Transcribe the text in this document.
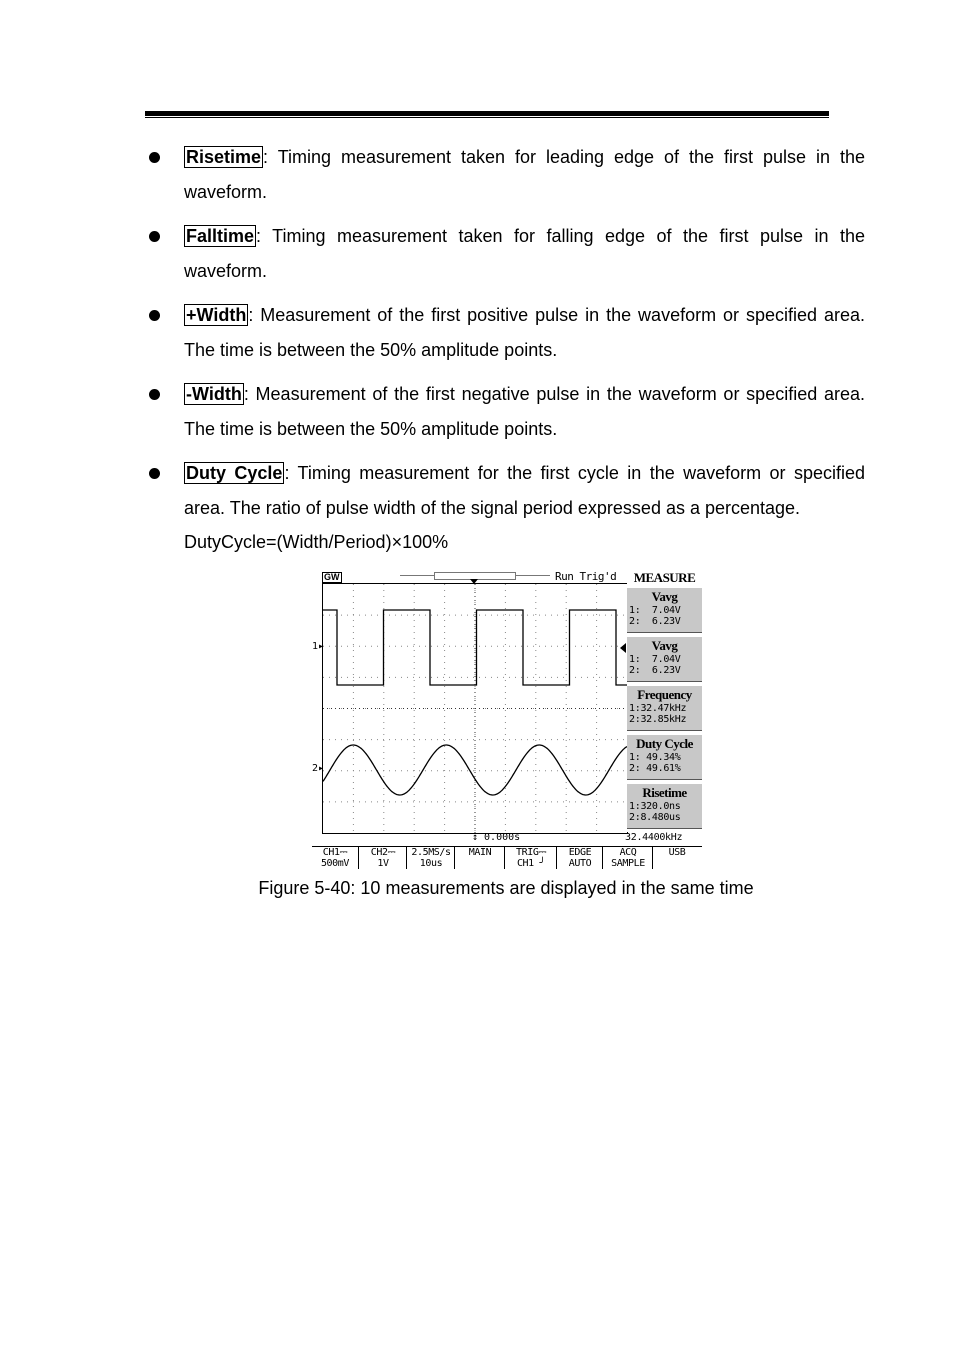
Risetime : Timing measurement taken for leading edge of the first pulse in the waveform.
Falltime : Timing measurement taken for falling edge of the first pulse in the waveform.
+Width : Measurement of the first positive pulse in the waveform or specified area. The time is between the 50% amplitude points.
-Width : Measurement of the first negative pulse in the waveform or specified area. The time is between the 50% amplitude points.
Duty Cycle : Timing measurement for the first cycle in the waveform or specified area. The ratio of pulse width of the signal period expressed as a percentage.
DutyCycle=(Width/Period)×100%
GW	Run Trig'd
1▸
2▸
MEASURE
Vavg
1:  7.04V
2:  6.23V
Vavg
1:  7.04V
2:  6.23V
Frequency
1:32.47kHz
2:32.85kHz
Duty Cycle
1: 49.34%
2: 49.61%
Risetime
1:320.0ns
2:8.480us
↕ 0.000s	32.4400kHz
CH1⎓
500mV
CH2⎓
1V
2.5MS/s
10us
MAIN	TRIG⎓
CH1 ╯
EDGE
AUTO
ACQ
SAMPLE
USB
Figure 5-40: 10 measurements are displayed in the same time
